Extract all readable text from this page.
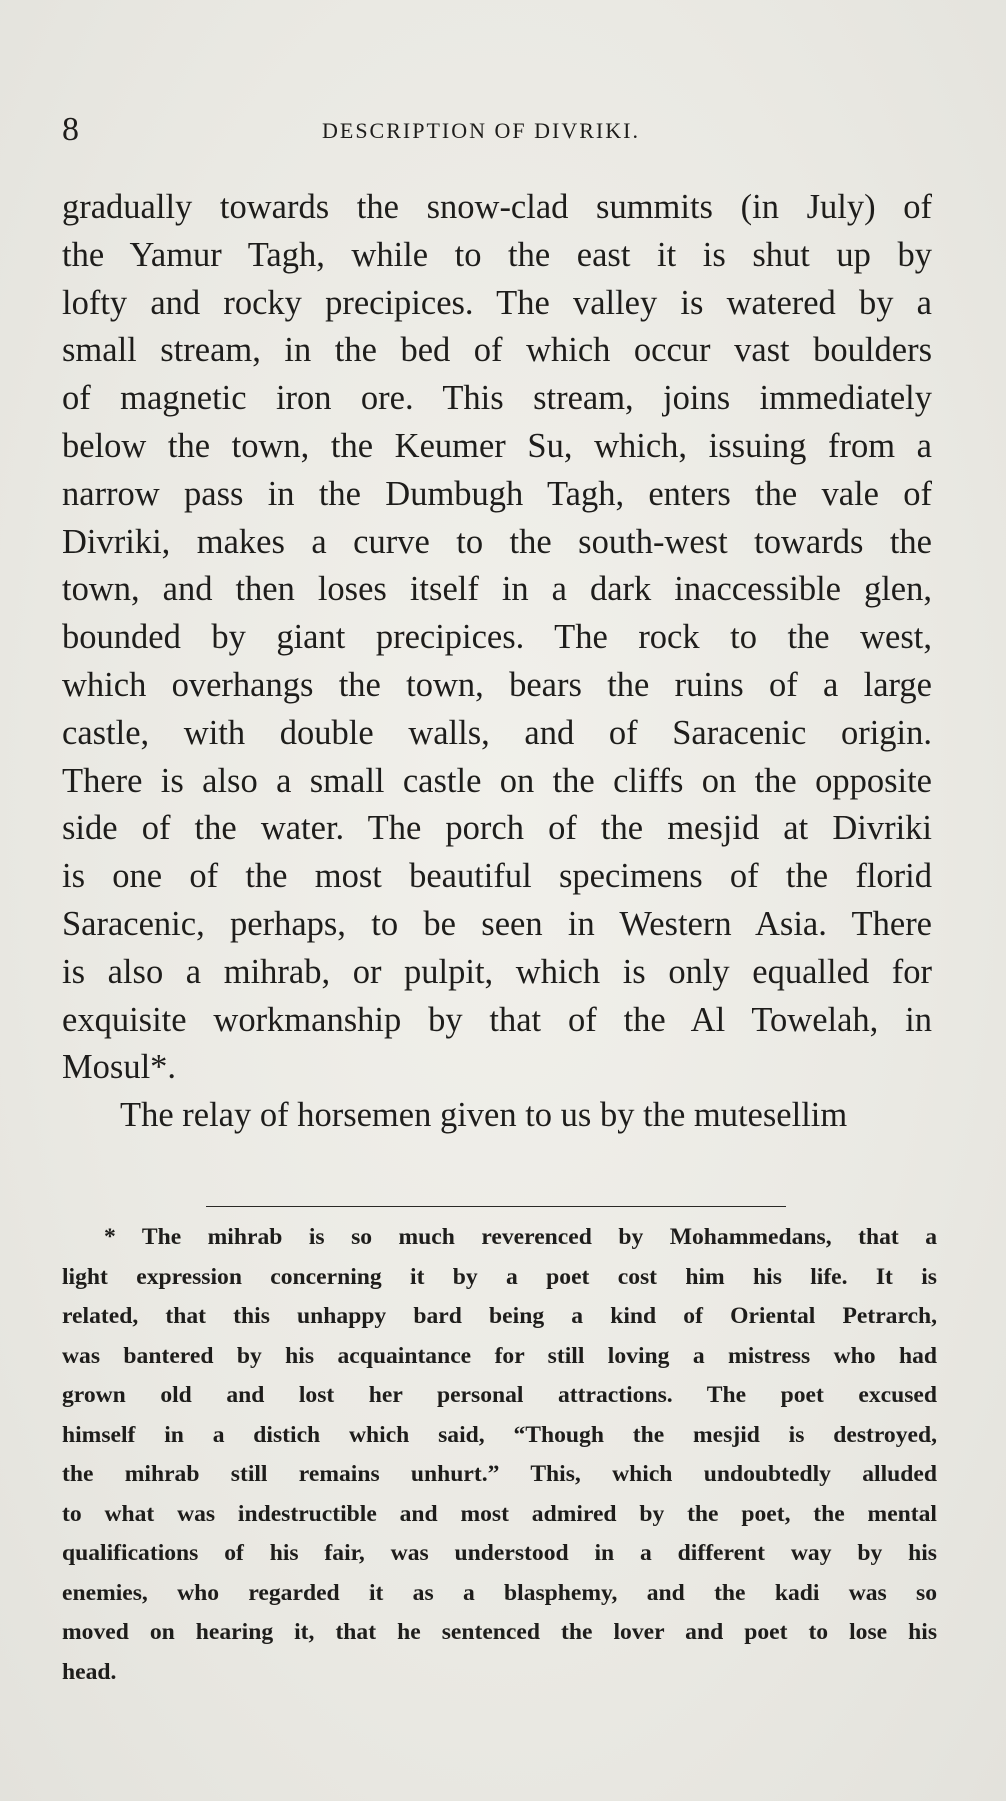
8	DESCRIPTION OF DIVRIKI.
gradually towards the snow-clad summits (in July) of
the Yamur Tagh, while to the east it is shut up by
lofty and rocky precipices. The valley is watered by a
small stream, in the bed of which occur vast boulders
of magnetic iron ore. This stream, joins immediately
below the town, the Keumer Su, which, issuing from a
narrow pass in the Dumbugh Tagh, enters the vale of
Divriki, makes a curve to the south-west towards the
town, and then loses itself in a dark inaccessible glen,
bounded by giant precipices. The rock to the west,
which overhangs the town, bears the ruins of a large
castle, with double walls, and of Saracenic origin.
There is also a small castle on the cliffs on the opposite
side of the water. The porch of the mesjid at Divriki
is one of the most beautiful specimens of the florid
Saracenic, perhaps, to be seen in Western Asia. There
is also a mihrab, or pulpit, which is only equalled for
exquisite workmanship by that of the Al Towelah, in
Mosul*.
The relay of horsemen given to us by the mutesellim
* The mihrab is so much reverenced by Mohammedans, that a
light expression concerning it by a poet cost him his life. It is
related, that this unhappy bard being a kind of Oriental Petrarch,
was bantered by his acquaintance for still loving a mistress who had
grown old and lost her personal attractions. The poet excused
himself in a distich which said, “Though the mesjid is destroyed,
the mihrab still remains unhurt.” This, which undoubtedly alluded
to what was indestructible and most admired by the poet, the mental
qualifications of his fair, was understood in a different way by his
enemies, who regarded it as a blasphemy, and the kadi was so
moved on hearing it, that he sentenced the lover and poet to lose his
head.
